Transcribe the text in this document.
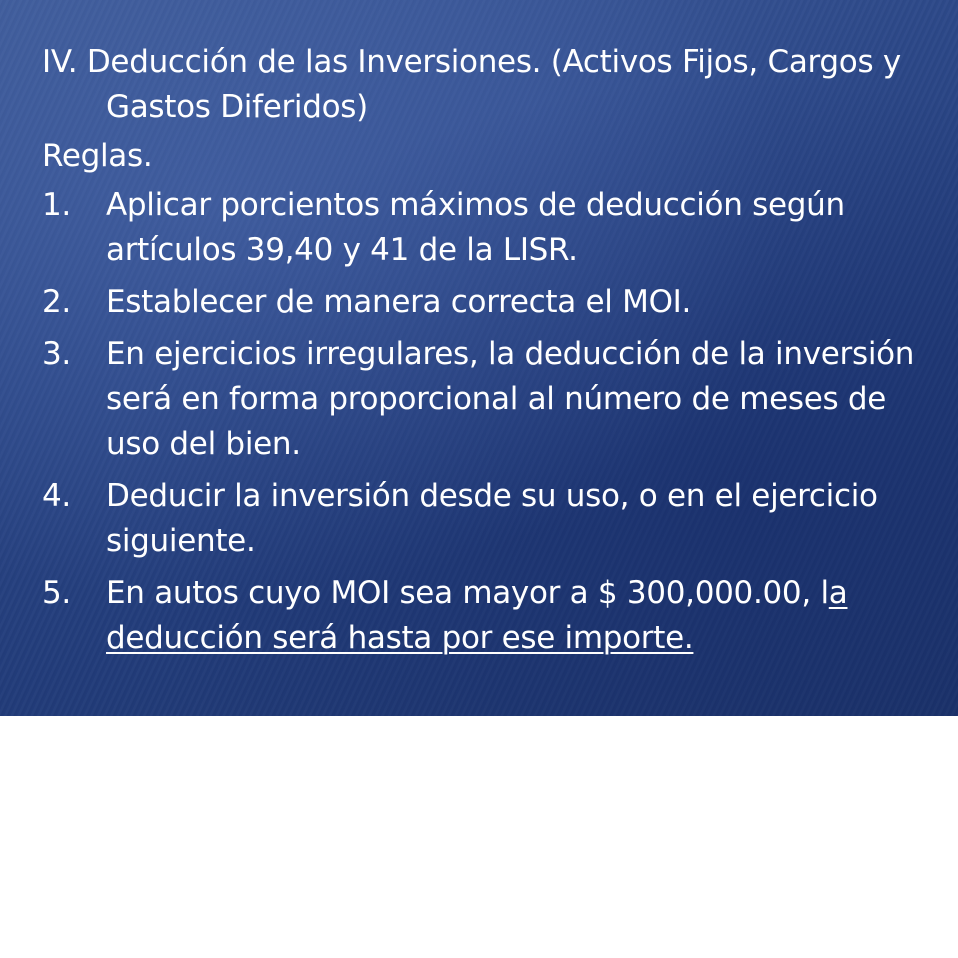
IV. Deducción de las Inversiones. (Activos Fijos, Cargos y Gastos Diferidos)

Reglas.

1. Aplicar porcientos máximos de deducción según artículos 39,40 y 41 de la LISR.
2. Establecer de manera correcta el MOI.
3. En ejercicios irregulares, la deducción de la inversión será en forma proporcional al número de meses de uso del bien.
4. Deducir la inversión desde su uso, o en el ejercicio siguiente.
5. En autos cuyo MOI sea mayor a $ 300,000.00, la deducción será hasta por ese importe.
